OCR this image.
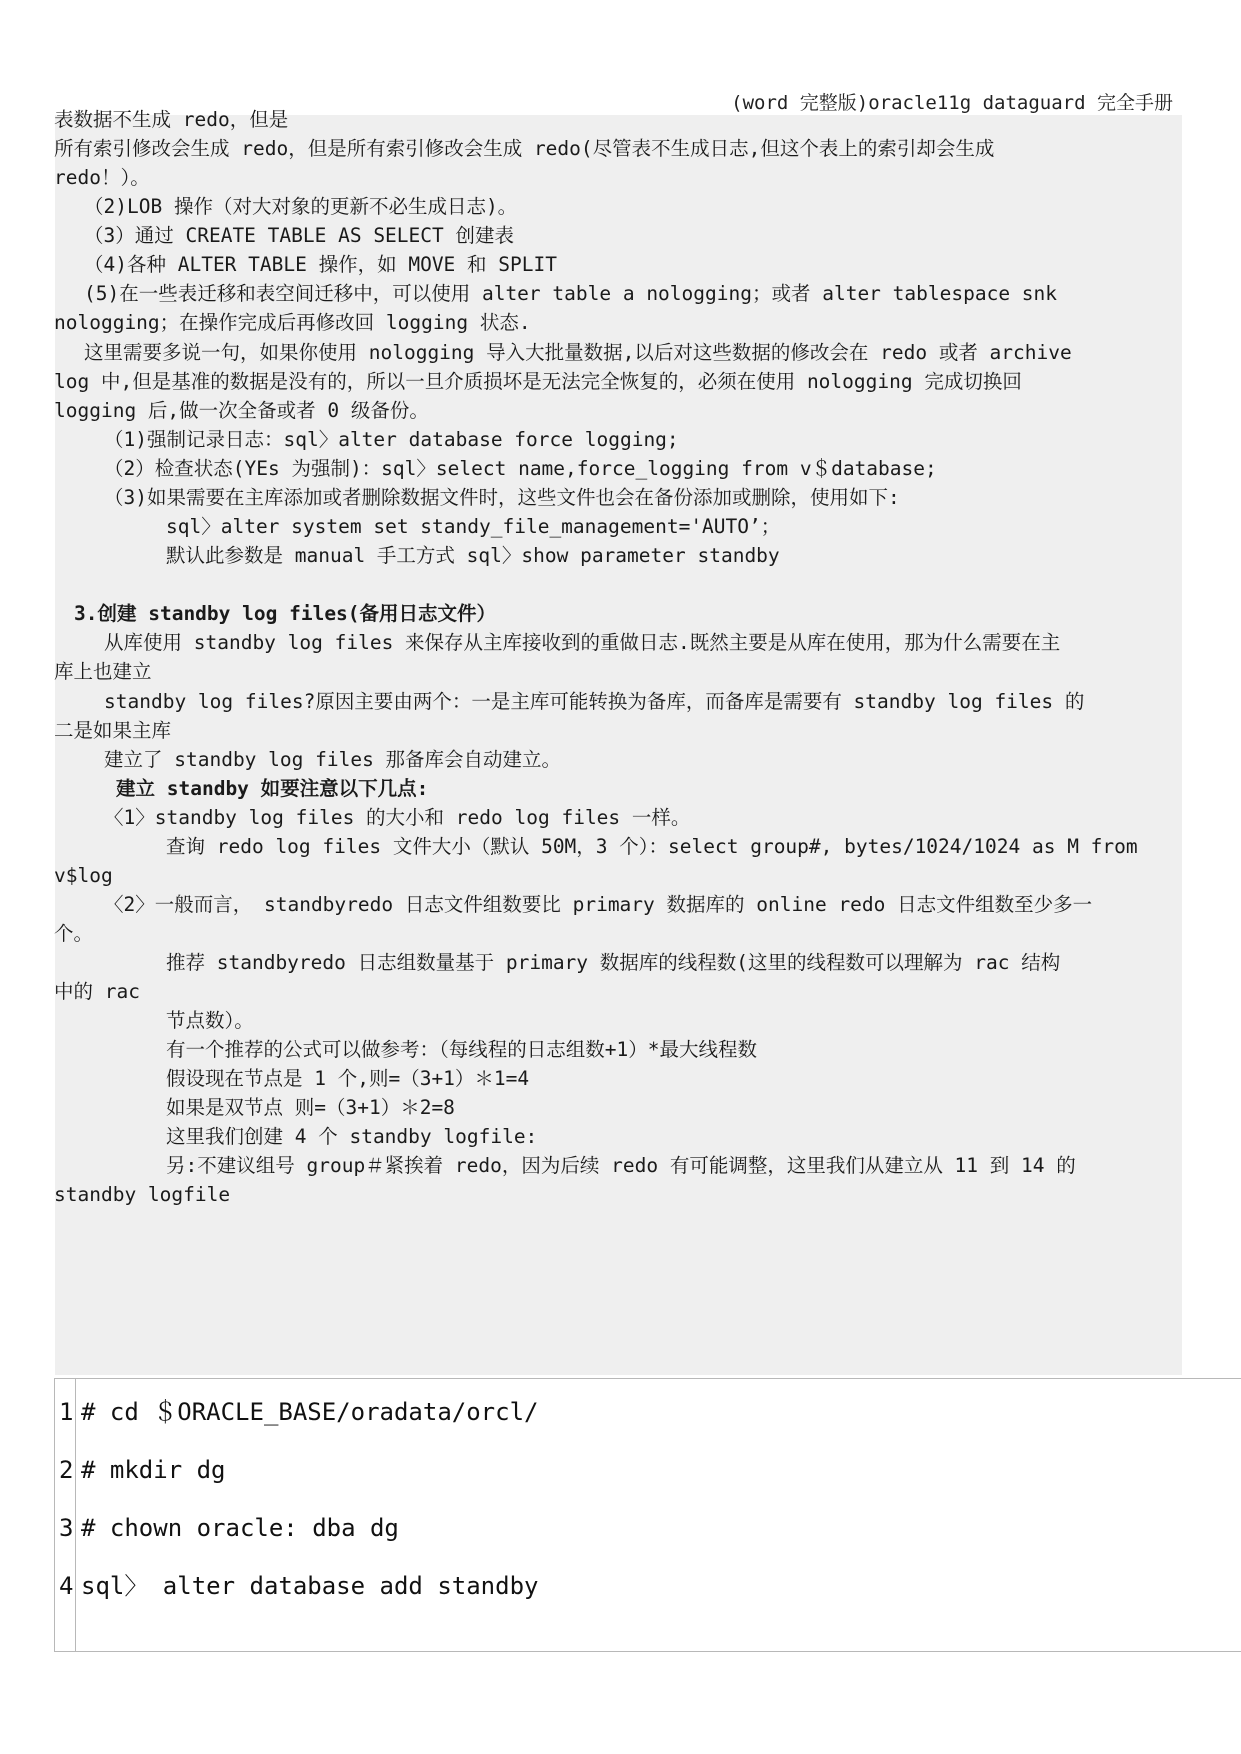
(word 完整版)oracle11g dataguard 完全手册
表数据不生成 redo，但是
所有索引修改会生成 redo，但是所有索引修改会生成 redo(尽管表不生成日志,但这个表上的索引却会生成
redo！）。
（2)LOB 操作（对大对象的更新不必生成日志)。
（3）通过 CREATE TABLE AS SELECT 创建表
（4)各种 ALTER TABLE 操作，如 MOVE 和 SPLIT
(5)在一些表迁移和表空间迁移中，可以使用 alter table a nologging；或者 alter tablespace snk
nologging；在操作完成后再修改回 logging 状态.
这里需要多说一句，如果你使用 nologging 导入大批量数据,以后对这些数据的修改会在 redo 或者 archive
log 中,但是基准的数据是没有的，所以一旦介质损坏是无法完全恢复的，必须在使用 nologging 完成切换回
logging 后,做一次全备或者 0 级备份。
（1)强制记录日志：sql〉alter database force logging;
（2）检查状态(YEs 为强制)：sql〉select name,force_logging from v＄database;
（3)如果需要在主库添加或者删除数据文件时，这些文件也会在备份添加或删除，使用如下:
sql〉alter system set standy_file_management='AUTO’；
默认此参数是 manual 手工方式 sql〉show parameter standby
3.创建 standby log files(备用日志文件）
从库使用 standby log files 来保存从主库接收到的重做日志.既然主要是从库在使用，那为什么需要在主
库上也建立
standby log files?原因主要由两个：一是主库可能转换为备库，而备库是需要有 standby log files 的
二是如果主库
建立了 standby log files 那备库会自动建立。
建立 standby 如要注意以下几点:
〈1〉standby log files 的大小和 redo log files 一样。
查询 redo log files 文件大小（默认 50M，3 个）：select group#, bytes/1024/1024 as M from
v$log
〈2〉一般而言， standbyredo 日志文件组数要比 primary 数据库的 online redo 日志文件组数至少多一
个。
推荐 standbyredo 日志组数量基于 primary 数据库的线程数(这里的线程数可以理解为 rac 结构
中的 rac
节点数）。
有一个推荐的公式可以做参考：（每线程的日志组数+1）*最大线程数
假设现在节点是 1 个,则=（3+1）＊1=4
如果是双节点 则=（3+1）＊2=8
这里我们创建 4 个 standby logfile:
另:不建议组号 group＃紧挨着 redo，因为后续 redo 有可能调整，这里我们从建立从 11 到 14 的
standby logfile
1 # cd ＄ORACLE_BASE/oradata/orcl/
2 # mkdir dg
3 # chown oracle: dba dg
4 sql〉 alter database add standby
